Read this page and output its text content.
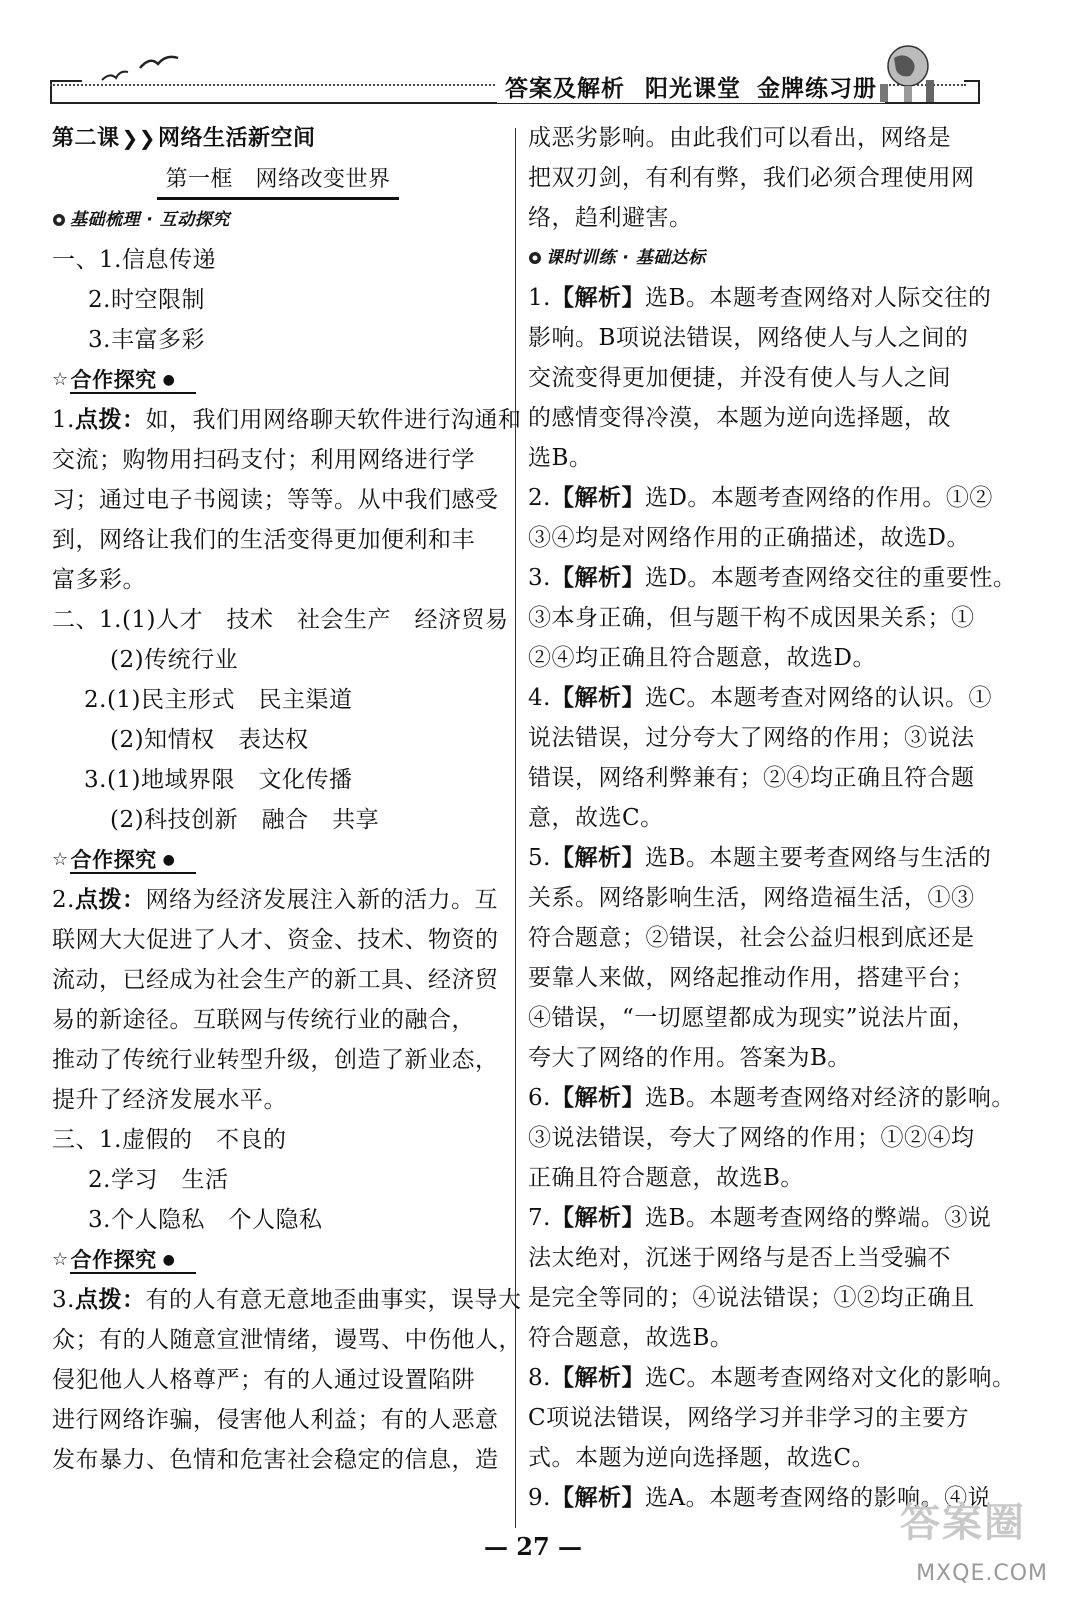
答案及解析 阳光课堂 金牌练习册
第二课 ❯❯网络生活新空间
第一框　网络改变世界
基础梳理 · 互动探究
一、1.信息传递
2.时空限制
3.丰富多彩
☆ 合作探究 ●
1.点拨：如，我们用网络聊天软件进行沟通和
交流；购物用扫码支付；利用网络进行学
习；通过电子书阅读；等等。从中我们感受
到，网络让我们的生活变得更加便利和丰
富多彩。
二、1.(1)人才　技术　社会生产　经济贸易
(2)传统行业
2.(1)民主形式　民主渠道
(2)知情权　表达权
3.(1)地域界限　文化传播
(2)科技创新　融合　共享
☆ 合作探究 ●
2.点拨：网络为经济发展注入新的活力。互
联网大大促进了人才、资金、技术、物资的
流动，已经成为社会生产的新工具、经济贸
易的新途径。互联网与传统行业的融合，
推动了传统行业转型升级，创造了新业态，
提升了经济发展水平。
三、1.虚假的　不良的
2.学习　生活
3.个人隐私　个人隐私
☆ 合作探究 ●
3.点拨：有的人有意无意地歪曲事实，误导大
众；有的人随意宣泄情绪，谩骂、中伤他人，
侵犯他人人格尊严；有的人通过设置陷阱
进行网络诈骗，侵害他人利益；有的人恶意
发布暴力、色情和危害社会稳定的信息，造
成恶劣影响。由此我们可以看出，网络是
把双刃剑，有利有弊，我们必须合理使用网
络，趋利避害。
课时训练 · 基础达标
1.【解析】选B。本题考查网络对人际交往的
影响。B项说法错误，网络使人与人之间的
交流变得更加便捷，并没有使人与人之间
的感情变得冷漠，本题为逆向选择题，故
选B。
2.【解析】选D。本题考查网络的作用。①②
③④均是对网络作用的正确描述，故选D。
3.【解析】选D。本题考查网络交往的重要性。
③本身正确，但与题干构不成因果关系；①
②④均正确且符合题意，故选D。
4.【解析】选C。本题考查对网络的认识。①
说法错误，过分夸大了网络的作用；③说法
错误，网络利弊兼有；②④均正确且符合题
意，故选C。
5.【解析】选B。本题主要考查网络与生活的
关系。网络影响生活，网络造福生活，①③
符合题意；②错误，社会公益归根到底还是
要靠人来做，网络起推动作用，搭建平台；
④错误，“一切愿望都成为现实”说法片面，
夸大了网络的作用。答案为B。
6.【解析】选B。本题考查网络对经济的影响。
③说法错误，夸大了网络的作用；①②④均
正确且符合题意，故选B。
7.【解析】选B。本题考查网络的弊端。③说
法太绝对，沉迷于网络与是否上当受骗不
是完全等同的；④说法错误；①②均正确且
符合题意，故选B。
8.【解析】选C。本题考查网络对文化的影响。
C项说法错误，网络学习并非学习的主要方
式。本题为逆向选择题，故选C。
9.【解析】选A。本题考查网络的影响。④说
— 27 —
答案圈
MXQE.COM
